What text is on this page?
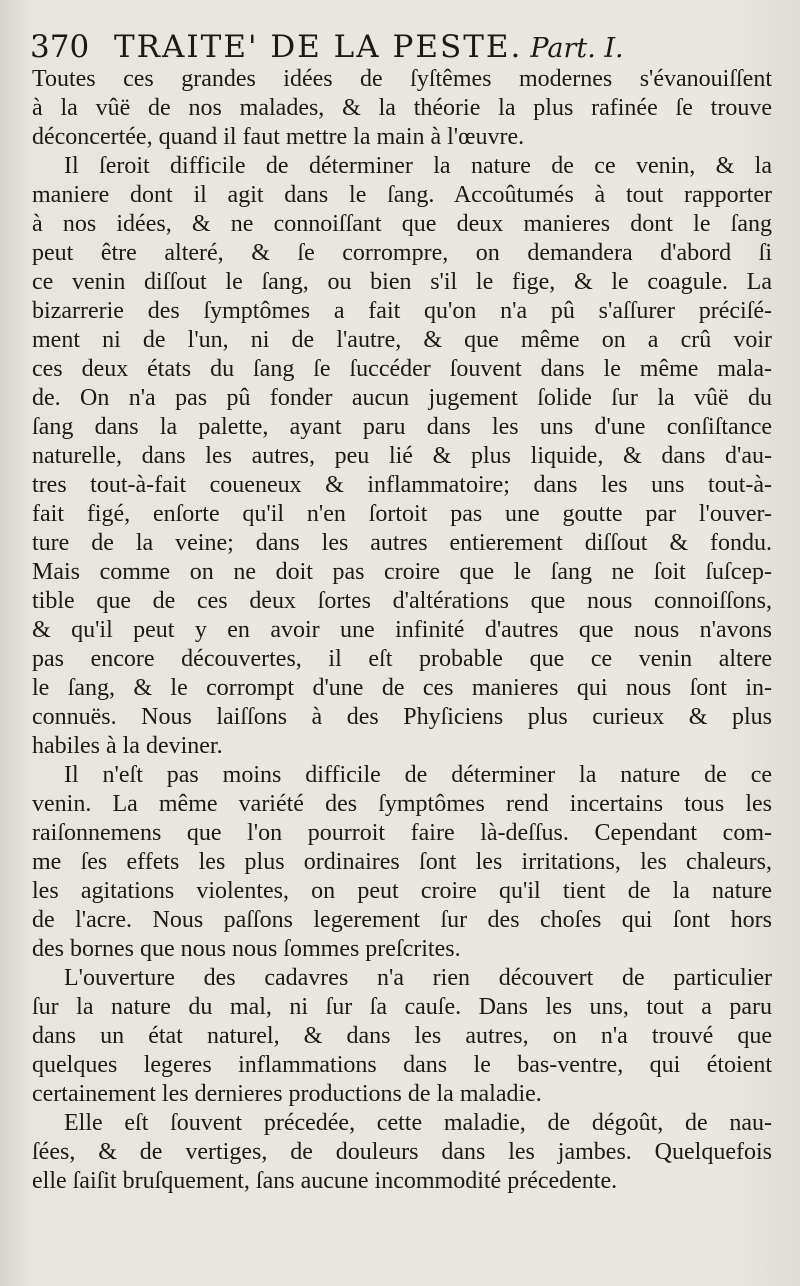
370 TRAITE' DE LA PESTE. Part. I.
Toutes ces grandes idées de ſyſtêmes modernes s'évanouiſſent
à la vûë de nos malades, & la théorie la plus rafinée ſe trouve
déconcertée, quand il faut mettre la main à l'œuvre.
Il ſeroit difficile de déterminer la nature de ce venin, & la
maniere dont il agit dans le ſang. Accoûtumés à tout rapporter
à nos idées, & ne connoiſſant que deux manieres dont le ſang
peut être alteré, & ſe corrompre, on demandera d'abord ſi
ce venin diſſout le ſang, ou bien s'il le fige, & le coagule. La
bizarrerie des ſymptômes a fait qu'on n'a pû s'aſſurer préciſé-
ment ni de l'un, ni de l'autre, & que même on a crû voir
ces deux états du ſang ſe ſuccéder ſouvent dans le même mala-
de. On n'a pas pû fonder aucun jugement ſolide ſur la vûë du
ſang dans la palette, ayant paru dans les uns d'une conſiſtance
naturelle, dans les autres, peu lié & plus liquide, & dans d'au-
tres tout-à-fait coueneux & inflammatoire; dans les uns tout-à-
fait figé, enſorte qu'il n'en ſortoit pas une goutte par l'ouver-
ture de la veine; dans les autres entierement diſſout & fondu.
Mais comme on ne doit pas croire que le ſang ne ſoit ſuſcep-
tible que de ces deux ſortes d'altérations que nous connoiſſons,
& qu'il peut y en avoir une infinité d'autres que nous n'avons
pas encore découvertes, il eſt probable que ce venin altere
le ſang, & le corrompt d'une de ces manieres qui nous ſont in-
connuës. Nous laiſſons à des Phyſiciens plus curieux & plus
habiles à la deviner.
Il n'eſt pas moins difficile de déterminer la nature de ce
venin. La même variété des ſymptômes rend incertains tous les
raiſonnemens que l'on pourroit faire là-deſſus. Cependant com-
me ſes effets les plus ordinaires ſont les irritations, les chaleurs,
les agitations violentes, on peut croire qu'il tient de la nature
de l'acre. Nous paſſons legerement ſur des choſes qui ſont hors
des bornes que nous nous ſommes preſcrites.
L'ouverture des cadavres n'a rien découvert de particulier
ſur la nature du mal, ni ſur ſa cauſe. Dans les uns, tout a paru
dans un état naturel, & dans les autres, on n'a trouvé que
quelques legeres inflammations dans le bas-ventre, qui étoient
certainement les dernieres productions de la maladie.
Elle eſt ſouvent précedée, cette maladie, de dégoût, de nau-
ſées, & de vertiges, de douleurs dans les jambes. Quelquefois
elle ſaiſit bruſquement, ſans aucune incommodité précedente.
